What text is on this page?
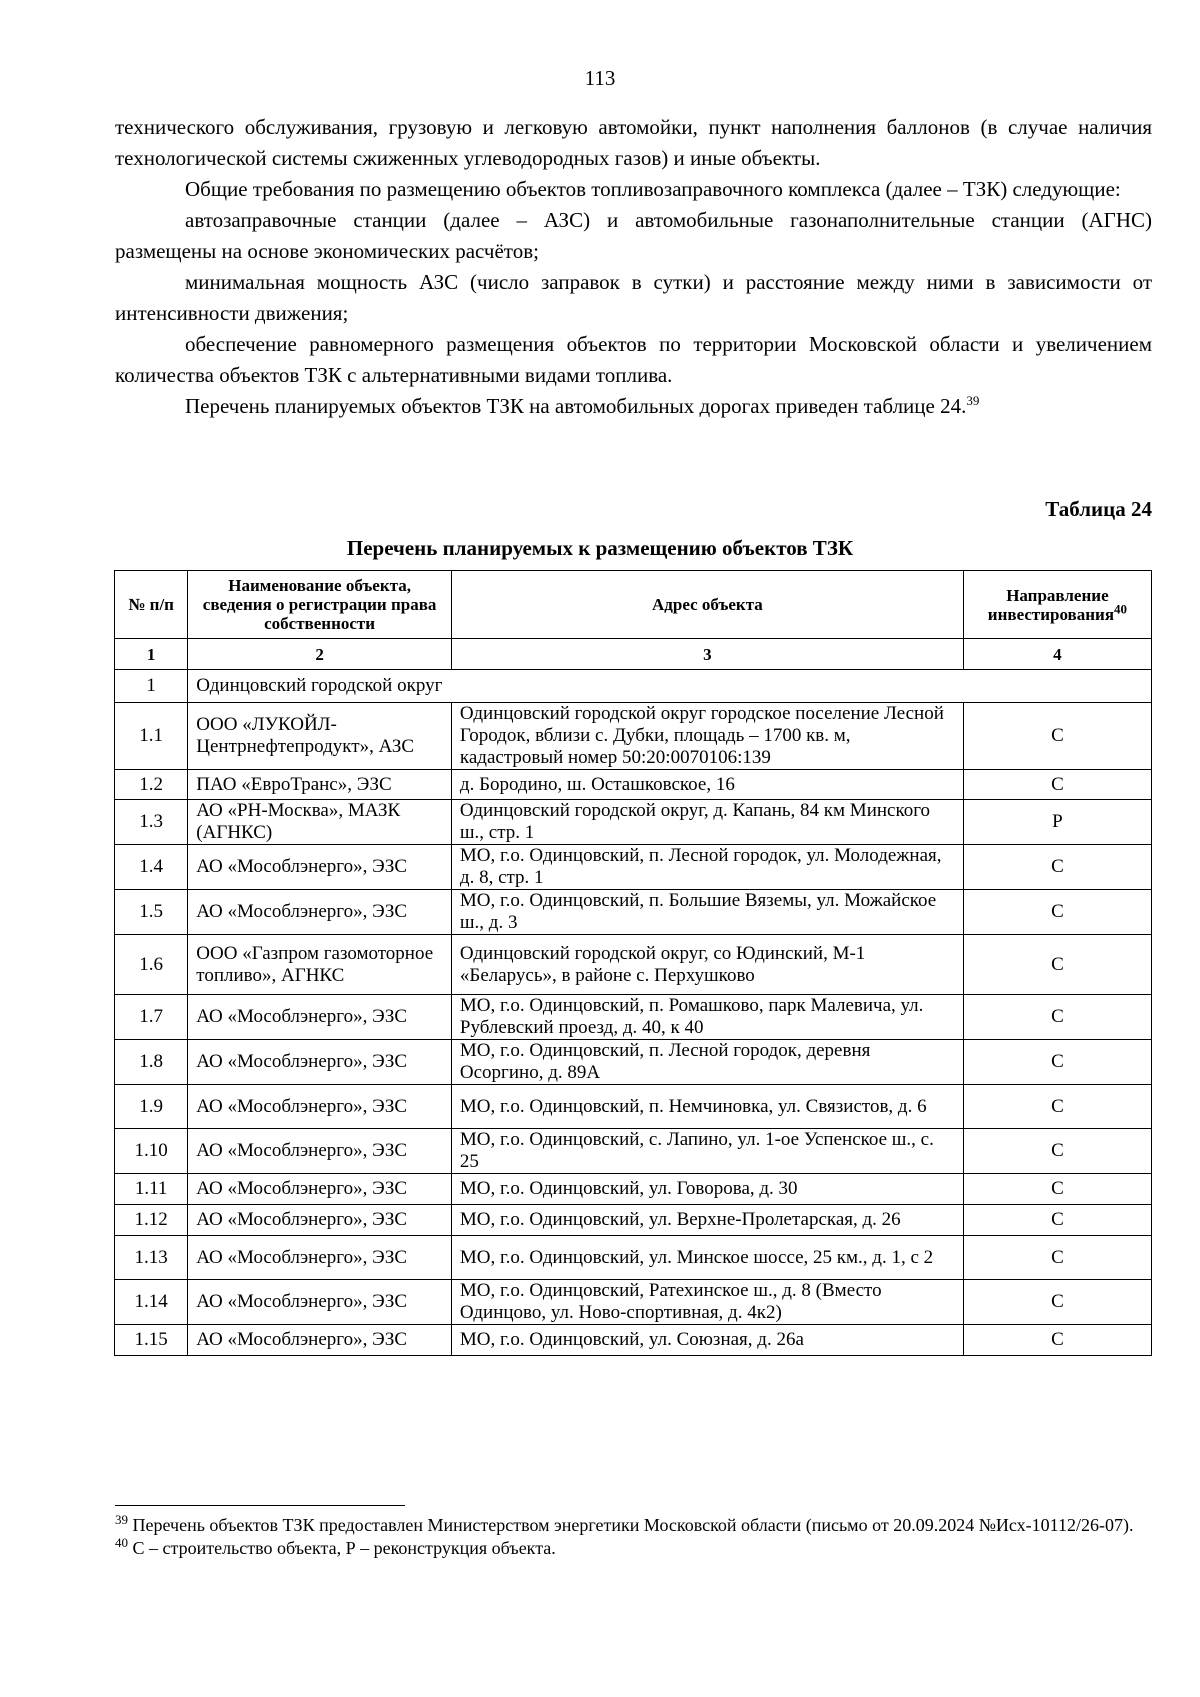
113

технического обслуживания, грузовую и легковую автомойки, пункт наполнения баллонов (в случае наличия технологической системы сжиженных углеводородных газов) и иные объекты.

Общие требования по размещению объектов топливозаправочного комплекса (далее – ТЗК) следующие:

автозаправочные станции (далее – АЗС) и автомобильные газонаполнительные станции (АГНС) размещены на основе экономических расчётов;

минимальная мощность АЗС (число заправок в сутки) и расстояние между ними в зависимости от интенсивности движения;

обеспечение равномерного размещения объектов по территории Московской области и увеличением количества объектов ТЗК с альтернативными видами топлива.

Перечень планируемых объектов ТЗК на автомобильных дорогах приведен таблице 24.39

Таблица 24
Перечень планируемых к размещению объектов ТЗК
№ п/п	Наименование объекта, сведения о регистрации права собственности	Адрес объекта	Направление инвестирования$^{40}$
1	2	3	4
1	Одинцовский городской округ		
1.1	ООО «ЛУКОЙЛ-Центрнефтепродукт», АЗС	Одинцовский городской округ городское поселение Лесной Городок, вблизи с. Дубки, площадь – 1700 кв. м, кадастровый номер 50:20:0070106:139	С
1.2	ПАО «ЕвроТранс», ЭЗС	д. Бородино, ш. Осташковское, 16	С
1.3	АО «РН-Москва», МАЗК (АГНКС)	Одинцовский городской округ, д. Капань, 84 км Минского ш., стр. 1	Р
1.4	АО «Мособлэнерго», ЭЗС	МО, г.о. Одинцовский, п. Лесной городок, ул. Молодежная, д. 8, стр. 1	С
1.5	АО «Мособлэнерго», ЭЗС	МО, г.о. Одинцовский, п. Большие Вяземы, ул. Можайское ш., д. 3	С
1.6	ООО «Газпром газомоторное топливо», АГНКС	Одинцовский городской округ, со Юдинский, М-1 «Беларусь», в районе с. Перхушково	С
1.7	АО «Мособлэнерго», ЭЗС	МО, г.о. Одинцовский, п. Ромашково, парк Малевича, ул. Рублевский проезд, д. 40, к 40	С
1.8	АО «Мособлэнерго», ЭЗС	МО, г.о. Одинцовский, п. Лесной городок, деревня Осоргино, д. 89А	С
1.9	АО «Мособлэнерго», ЭЗС	МО, г.о. Одинцовский, п. Немчиновка, ул. Связистов, д. 6	С
1.10	АО «Мособлэнерго», ЭЗС	МО, г.о. Одинцовский, с. Лапино, ул. 1-ое Успенское ш., с. 25	С
1.11	АО «Мособлэнерго», ЭЗС	МО, г.о. Одинцовский, ул. Говорова, д. 30	С
1.12	АО «Мособлэнерго», ЭЗС	МО, г.о. Одинцовский, ул. Верхне-Пролетарская, д. 26	С
1.13	АО «Мособлэнерго», ЭЗС	МО, г.о. Одинцовский, ул. Минское шоссе, 25 км., д. 1, с 2	С
1.14	АО «Мособлэнерго», ЭЗС	МО, г.о. Одинцовский, Ратехинское ш., д. 8 (Вместо Одинцово, ул. Ново-спортивная, д. 4к2)	С
1.15	АО «Мособлэнерго», ЭЗС	МО, г.о. Одинцовский, ул. Союзная, д. 26а	С

$^{39}$ Перечень объектов ТЗК предоставлен Министерством энергетики Московской области (письмо от 20.09.2024 №Исх-10112/26-07).

$^{40}$ С – строительство объекта, Р – реконструкция объекта.
